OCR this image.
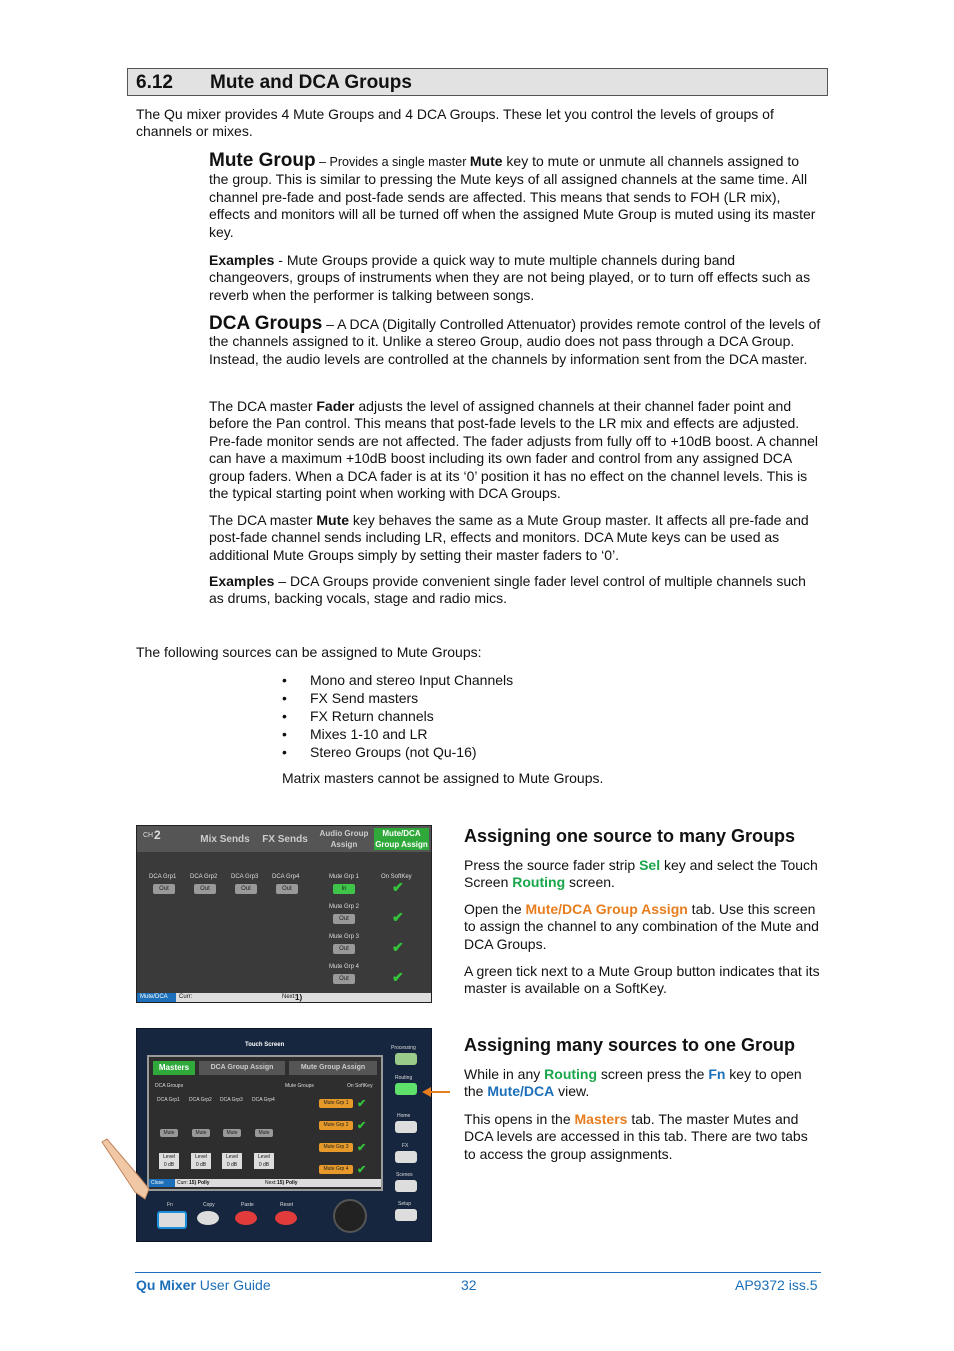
6.12 Mute and DCA Groups
The Qu mixer provides 4 Mute Groups and 4 DCA Groups. These let you control the levels of groups of channels or mixes.
Mute Group – Provides a single master Mute key to mute or unmute all channels assigned to the group. This is similar to pressing the Mute keys of all assigned channels at the same time. All channel pre-fade and post-fade sends are affected. This means that sends to FOH (LR mix), effects and monitors will all be turned off when the assigned Mute Group is muted using its master key.
Examples - Mute Groups provide a quick way to mute multiple channels during band changeovers, groups of instruments when they are not being played, or to turn off effects such as reverb when the performer is talking between songs.
DCA Groups – A DCA (Digitally Controlled Attenuator) provides remote control of the levels of the channels assigned to it. Unlike a stereo Group, audio does not pass through a DCA Group. Instead, the audio levels are controlled at the channels by information sent from the DCA master.
The DCA master Fader adjusts the level of assigned channels at their channel fader point and before the Pan control. This means that post-fade levels to the LR mix and effects are adjusted. Pre-fade monitor sends are not affected. The fader adjusts from fully off to +10dB boost. A channel can have a maximum +10dB boost including its own fader and control from any assigned DCA group faders. When a DCA fader is at its ‘0’ position it has no effect on the channel levels. This is the typical starting point when working with DCA Groups.
The DCA master Mute key behaves the same as a Mute Group master. It affects all pre-fade and post-fade channel sends including LR, effects and monitors. DCA Mute keys can be used as additional Mute Groups simply by setting their master faders to ‘0’.
Examples – DCA Groups provide convenient single fader level control of multiple channels such as drums, backing vocals, stage and radio mics.
The following sources can be assigned to Mute Groups:
• Mono and stereo Input Channels
• FX Send masters
• FX Return channels
• Mixes 1-10 and LR
• Stereo Groups (not Qu-16)
Matrix masters cannot be assigned to Mute Groups.
CH 2	Mix Sends	FX Sends
Audio Group Assign
Mute/DCA Group Assign
DCA Grp1 DCA Grp2 DCA Grp3 DCA Grp4
Out	Out	Out	Out
On SoftKey
Mute Grp 1
In	✔
Mute Grp 2
Out	✔
Mute Grp 3
Out	✔
Mute Grp 4
Out	✔
Mute/DCA	Curr:	Next:
1)
Touch Screen
Masters	DCA Group Assign	Mute Group Assign
DCA Groups	Mute Groups	On SoftKey
DCA Grp1 DCA Grp2 DCA Grp3 DCA Grp4
Mute	Mute	Mute	Mute
Level
0 dB
Level
0 dB
Level
0 dB
Level
0 dB
Mute Grp 1
Mute Grp 2
Mute Grp 3
Mute Grp 4
✔
✔
✔
✔
Close	Curr: 15) Polly	Next: 15) Polly
Processing
Routing
Home
FX
Scenes
Setup
Fn	Copy	Paste	Reset
Assigning one source to many Groups
Press the source fader strip Sel key and select the Touch Screen Routing screen.
Open the Mute/DCA Group Assign tab. Use this screen to assign the channel to any combination of the Mute and DCA Groups.
A green tick next to a Mute Group button indicates that its master is available on a SoftKey.
Assigning many sources to one Group
While in any Routing screen press the Fn key to open the Mute/DCA view.
This opens in the Masters tab. The master Mutes and DCA levels are accessed in this tab. There are two tabs to access the group assignments.
Qu Mixer User Guide	32	AP9372 iss.5
